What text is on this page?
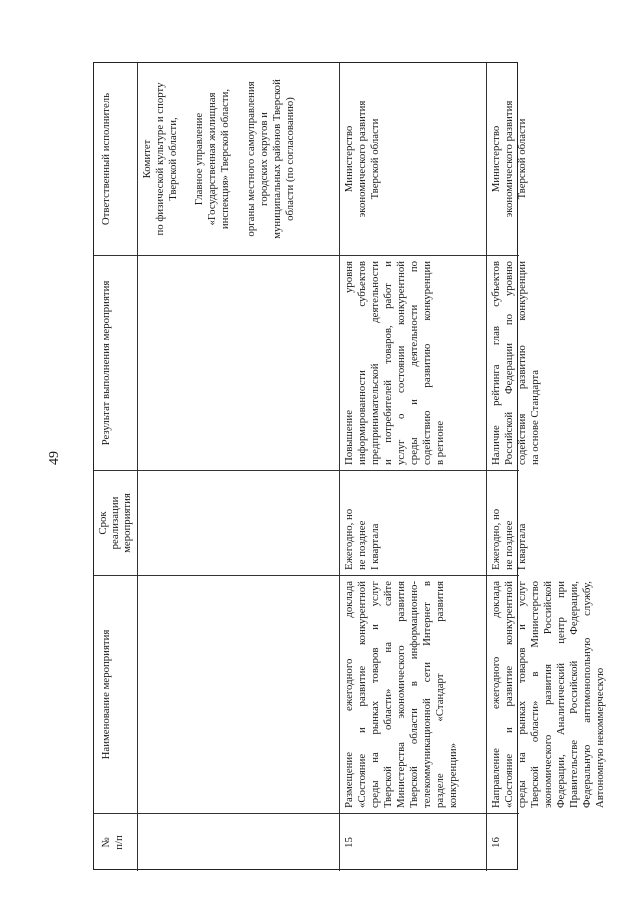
49
№ п/п
Наименование мероприятия
Срок реализации мероприятия
Результат выполнения мероприятия
Ответственный исполнитель	Комитет по физической культуре и спорту Тверской области, Главное управление «Государственная жилищная инспекция» Тверской области, органы местного самоуправления городских округов и муниципальных районов Тверской области (по согласованию)
15
Размещение ежегодного доклада «Состояние и развитие конкурентной среды на рынках товаров и услуг Тверской области» на сайте Министерства экономического развития Тверской области в информационно- телекоммуникационной сети Интернет в разделе «Стандарт развития конкуренции»
Ежегодно, но не позднее I квартала
Повышение уровня информированности субъектов предпринимательской деятельности и потребителей товаров, работ и услуг о состоянии конкурентной среды и деятельности по содействию развитию конкуренции в регионе
Министерство экономического развития Тверской области
16
Направление ежегодного доклада «Состояние и развитие конкурентной среды на рынках товаров и услуг Тверской области» в Министерство экономического развития Российской Федерации, Аналитический центр при Правительстве Российской Федерации, Федеральную антимонопольную службу, Автономную некоммерческую
Ежегодно, но не позднее I квартала
Наличие рейтинга глав субъектов Российской Федерации по уровню содействия развитию конкуренции на основе Стандарта
Министерство экономического развития Тверской области
